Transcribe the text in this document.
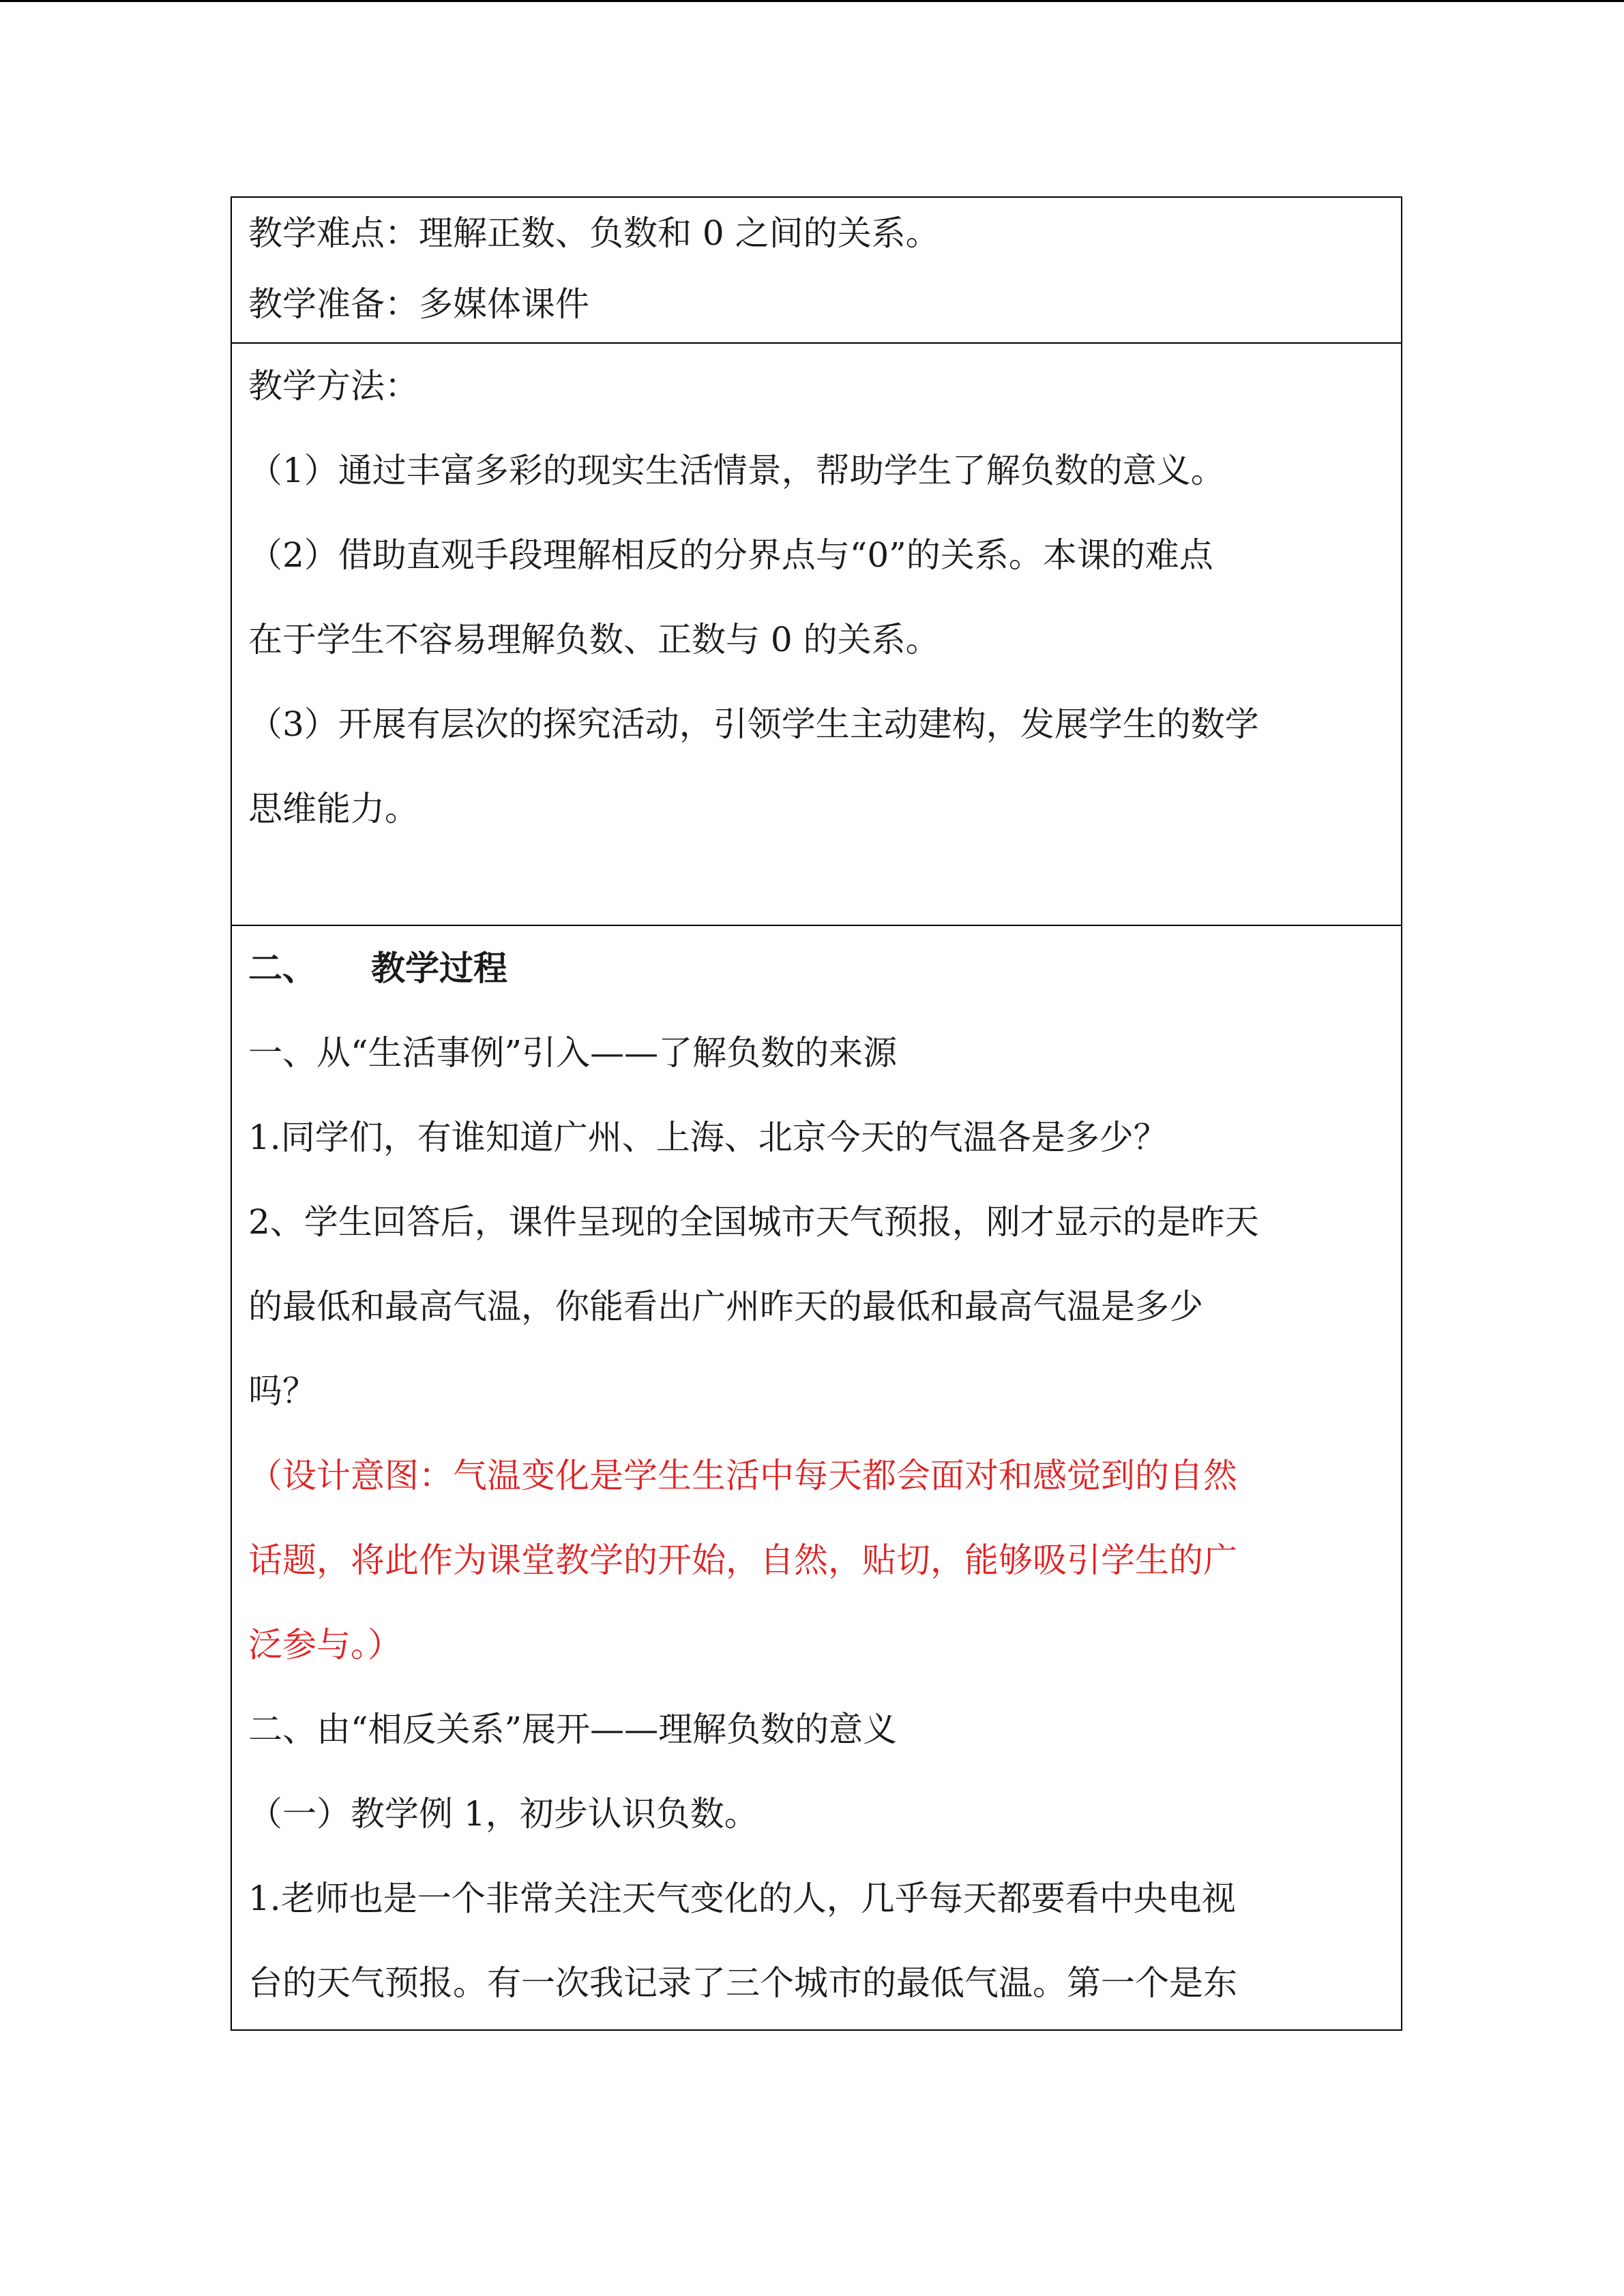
教学难点：理解正数、负数和 0 之间的关系。
教学准备：多媒体课件
教学方法：
（1）通过丰富多彩的现实生活情景，帮助学生了解负数的意义。
（2）借助直观手段理解相反的分界点与“0”的关系。本课的难点
在于学生不容易理解负数、正数与 0 的关系。
（3）开展有层次的探究活动，引领学生主动建构，发展学生的数学
思维能力。
二、 教学过程
一、从“生活事例”引入——了解负数的来源
1.同学们，有谁知道广州、上海、北京今天的气温各是多少？
2、学生回答后，课件呈现的全国城市天气预报，刚才显示的是昨天
的最低和最高气温，你能看出广州昨天的最低和最高气温是多少
吗？
（设计意图：气温变化是学生生活中每天都会面对和感觉到的自然
话题，将此作为课堂教学的开始，自然，贴切，能够吸引学生的广
泛参与。）
二、由“相反关系”展开——理解负数的意义
（一）教学例 1，初步认识负数。
1.老师也是一个非常关注天气变化的人，几乎每天都要看中央电视
台的天气预报。有一次我记录了三个城市的最低气温。第一个是东
